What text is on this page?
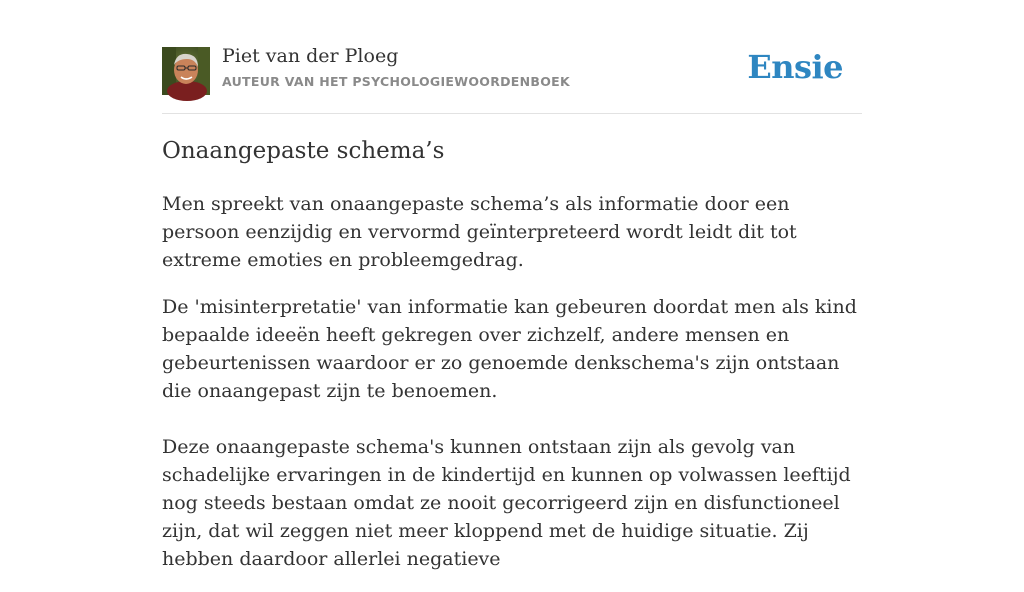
Piet van der Ploeg
AUTEUR VAN HET PSYCHOLOGIEWOORDENBOEK	Ensie
Onaangepaste schema’s

Men spreekt van onaangepaste schema’s als informatie door een persoon eenzijdig en vervormd geïnterpreteerd wordt leidt dit tot extreme emoties en probleemgedrag.

De 'misinterpretatie' van informatie kan gebeuren doordat men als kind bepaalde ideeën heeft gekregen over zichzelf, andere mensen en gebeurtenissen waardoor er zo genoemde denkschema's zijn ontstaan die onaangepast zijn te benoemen.

Deze onaangepaste schema's kunnen ontstaan zijn als gevolg van schadelijke ervaringen in de kindertijd en kunnen op volwassen leeftijd nog steeds bestaan omdat ze nooit gecorrigeerd zijn en disfunctioneel zijn, dat wil zeggen niet meer kloppend met de huidige situatie. Zij hebben daardoor allerlei negatieve
